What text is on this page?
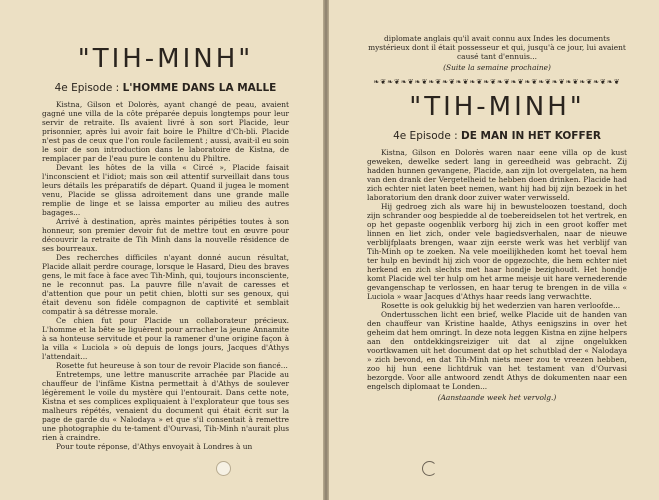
"TIH-MINH"
4e Episode : L'HOMME DANS LA MALLE

Kistna, Gilson et Dolorès, ayant changé de peau, avaient gagné une villa de la côte préparée depuis longtemps pour leur servir de retraite. Ils avaient livré à son sort Placide, leur prisonnier, après lui avoir fait boire le Philtre d'Ch-bli. Placide n'est pas de ceux que l'on roule facilement ; aussi, avait-il eu soin le soir de son introduction dans le laboratoire de Kistna, de remplacer par de l'eau pure le contenu du Philtre.

Devant les hôtes de la villa « Circé », Placide faisait l'inconscient et l'idiot; mais son œil attentif surveillait dans tous leurs détails les préparatifs de départ. Quand il jugea le moment venu, Placide se glissa adroitement dans une grande malle remplie de linge et se laissa emporter au milieu des autres bagages...

Arrivé à destination, après maintes péripéties toutes à son honneur, son premier devoir fut de mettre tout en œuvre pour découvrir la retraite de Tih Minh dans la nouvelle résidence de ses bourreaux.

Des recherches difficiles n'ayant donné aucun résultat, Placide allait perdre courage, lorsque le Hasard, Dieu des braves gens, le mit face à face avec Tih-Minh, qui, toujours inconsciente, ne le reconnut pas. La pauvre fille n'avait de caresses et d'attention que pour un petit chien, blotti sur ses genoux, qui était devenu son fidèle compagnon de captivité et semblait compatir à sa détresse morale.

Ce chien fut pour Placide un collaborateur précieux. L'homme et la bête se liguèrent pour arracher la jeune Annamite à sa honteuse servitude et pour la ramener d'une origine façon à la villa « Luciola » où depuis de longs jours, Jacques d'Athys l'attendait...

Rosette fut heureuse à son tour de revoir Placide son fiancé...

Entretemps, une lettre manuscrite arrachée par Placide au chauffeur de l'infâme Kistna permettait à d'Athys de soulever légèrement le voile du mystère qui l'entourait. Dans cette note, Kistna et ses complices expliquaient à l'explorateur que tous ses malheurs répétés, venaient du document qui était écrit sur la page de garde du « Nalodaya » et que s'il consentait à remettre une photographie du te-tament d'Ourvasi, Tih-Minh n'aurait plus rien à craindre.

Pour toute réponse, d'Athys envoyait à Londres à un

diplomate anglais qu'il avait connu aux Indes les documents mystérieux dont il était possesseur et qui, jusqu'à ce jour, lui avaient causé tant d'ennuis...

(Suite la semaine prochaine)
❧❦❧❦❧❦❧❦❧❦❧❦❧❦❧❦❧❦❧❦❧❦❧❦❧❦❧❦❧❦❧❦❧❦❧❦
"TIH-MINH"
4e Episode : DE MAN IN HET KOFFER

Kistna, Gilson en Dolorès waren naar eene villa op de kust geweken, dewelke sedert lang in gereedheid was gebracht. Zij hadden hunnen gevangene, Placide, aan zijn lot overgelaten, na hem van den drank der Vergetelheid te hebben doen drinken. Placide had zich echter niet laten beet nemen, want hij had bij zijn bezoek in het laboratorium den drank door zuiver water verwisseld.

Hij gedroeg zich als ware hij in bewusteloozen toestand, doch zijn schrander oog bespiedde al de toebereidselen tot het vertrek, en op het gepaste oogenblik verborg hij zich in een groot koffer met linnen en liet zich, onder vele bagiedsverhalen, naar de nieuwe verblijfplaats brengen, waar zijn eerste werk was het verblijf van Tih-Minh op te zoeken. Na vele moeilijkheden komt het toeval hem ter hulp en bevindt hij zich voor de opgezochte, die hem echter niet herkend en zich slechts met haar hondje bezighoudt. Het hondje komt Placide wel ter hulp om het arme meisje uit hare vernederende gevangenschap te verlossen, en haar terug te brengen in de villa « Luciola » waar Jacques d'Athys haar reeds lang verwachtte.

Rosette is ook gelukkig bij het wederzien van haren verloofde...

Ondertusschen licht een brief, welke Placide uit de handen van den chauffeur van Kristine haalde, Athys eenigszins in over het geheim dat hem omringt. In deze nota leggen Kistna en zijne helpers aan den ontdekkingsreiziger uit dat al zijne ongelukken voortkwamen uit het document dat op het schutblad der « Nalodaya » zich bevond, en dat Tih-Minh niets meer zou te vreezen hebben, zoo hij hun eene lichtdruk van het testament van d'Ourvasi bezorgde. Voor alle antwoord zendt Athys de dokumenten naar een engelsch diplomaat te Londen...

(Aanstaande week het vervolg.)
